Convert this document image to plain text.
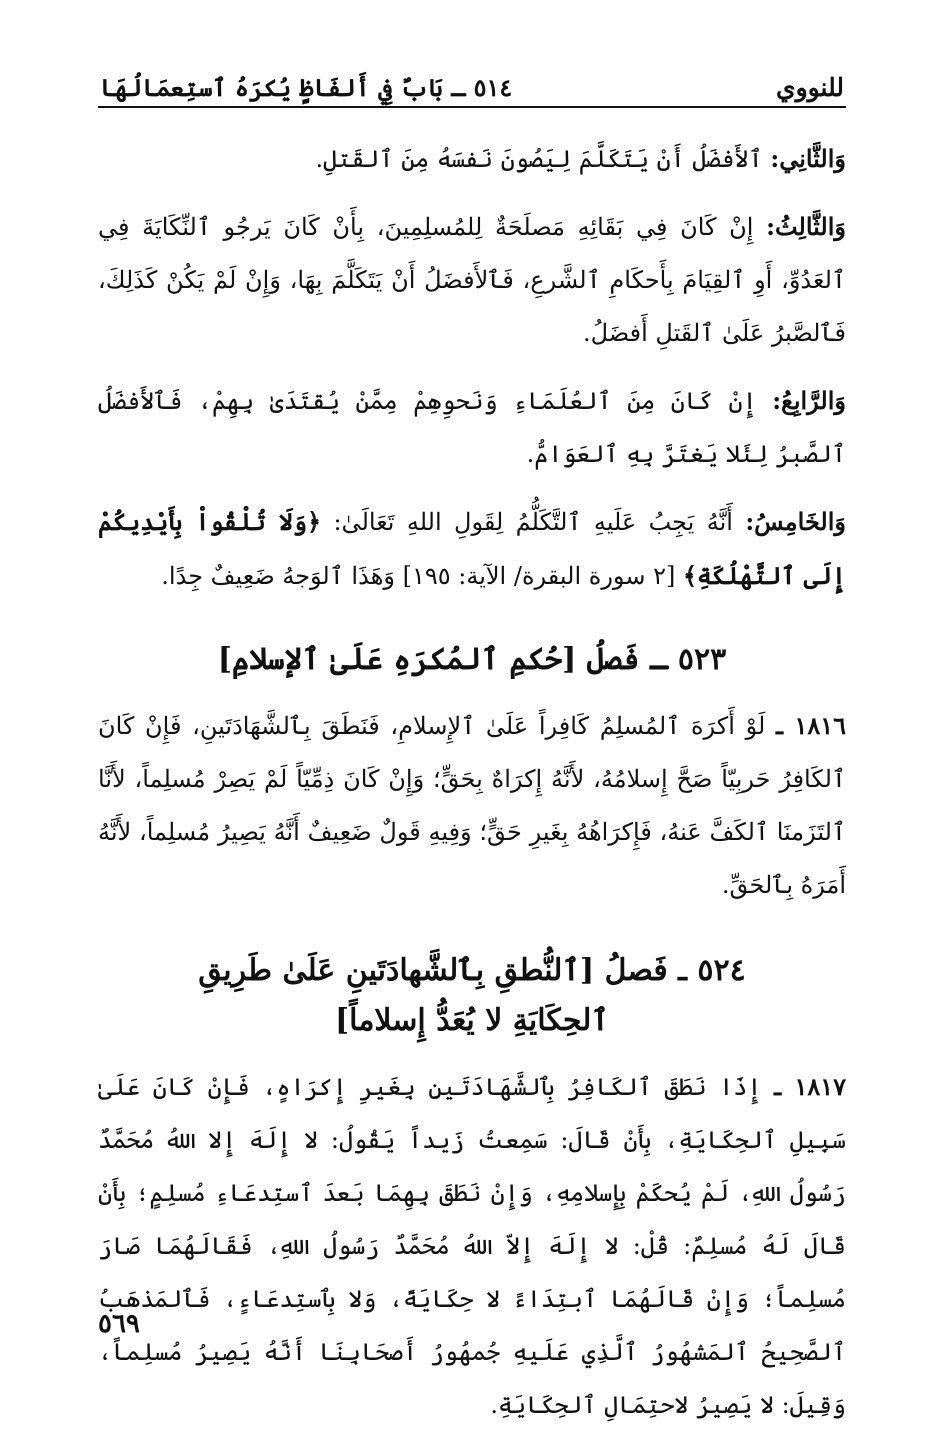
للنووي
٥١٤ ـ بَابٌ فِي أَلفَاظٍ يُكرَهُ ٱستِعمَالُهَا

وَالثَّانِي: ٱلأَفضَلُ أَنْ يَتَكَلَّمَ لِيَصُونَ نَفسَهُ مِنَ ٱلقَتلِ.

وَالثَّالِثُ: إِنْ كَانَ فِي بَقَائِهِ مَصلَحَةٌ لِلمُسلِمِينَ، بِأَنْ كَانَ يَرجُو ٱلنِّكَايَةَ فِي ٱلعَدُوِّ، أَوِ ٱلقِيَامَ بِأَحكَامِ ٱلشَّرعِ، فَٱلأَفضَلُ أَنْ يَتَكَلَّمَ بِهَا، وَإِنْ لَمْ يَكُنْ كَذَلِكَ، فَٱلصَّبرُ عَلَىٰ ٱلقَتلِ أَفضَلُ.

وَالرَّابِعُ: إِنْ كَانَ مِنَ ٱلعُلَمَاءِ وَنَحوِهِمْ مِمَّنْ يُقتَدَىٰ بِهِمْ، فَٱلأَفضَلُ ٱلصَّبرُ لِئَلا يَغتَرَّ بِهِ ٱلعَوَامُّ.

وَالخَامِسُ: أَنَّهُ يَجِبُ عَلَيهِ ٱلتَّكَلُّمُ لِقَولِ اللهِ تَعَالَىٰ: ﴿وَلَا تُلْقُواْ بِأَيْدِيكُمْ إِلَى ٱلتَّهْلُكَةِ﴾ [٢ سورة البقرة/ الآية: ١٩٥] وَهَذَا ٱلوَجهُ ضَعِيفٌ جِدًا.

٥٢٣ ـ فَصلُ [حُكمِ ٱلمُكرَهِ عَلَىٰ ٱلإسلامِ]

١٨١٦ ـ لَوْ أَكرَهَ ٱلمُسلِمُ كَافِراً عَلَىٰ ٱلإِسلامِ، فَنَطَقَ بِٱلشَّهَادَتَينِ، فَإِنْ كَانَ ٱلكَافِرُ حَربِيّاً صَحَّ إِسلامُهُ، لأَنَّهُ إِكرَاهٌ بِحَقٍّ؛ وَإِنْ كَانَ ذِمِّيّاً لَمْ يَصِرْ مُسلِماً، لأَنَّا ٱلتَزَمنَا ٱلكَفَّ عَنهُ، فَإِكرَاهُهُ بِغَيرِ حَقٍّ؛ وَفِيهِ قَولٌ ضَعِيفٌ أَنَّهُ يَصِيرُ مُسلِماً، لأَنَّهُ أَمَرَهُ بِٱلحَقِّ.

٥٢٤ ـ فَصلُ [ٱلنُّطقِ بِٱلشَّهادَتَينِ عَلَىٰ طَرِيقِ
ٱلحِكَايَةِ لا يُعَدُّ إِسلاماً]

١٨١٧ ـ إِذَا نَطَقَ ٱلكَافِرُ بِٱلشَّهَادَتَينِ بِغَيرِ إِكرَاهٍ، فَإِنْ كَانَ عَلَىٰ سَبِيلِ ٱلحِكَايَةِ، بِأَنْ قَالَ: سَمِعتُ زَيداً يَقُولُ: لا إِلَهَ إِلا اللهُ مُحَمَّدٌ رَسُولُ اللهِ، لَمْ يُحكَمْ بِإِسلامِهِ، وَإِنْ نَطَقَ بِهِمَا بَعدَ ٱستِدعَاءِ مُسلِمٍ؛ بِأَنْ قَالَ لَهُ مُسلِمٌ: قُلْ: لا إِلَهَ إِلاّ اللهُ مُحَمَّدٌ رَسُولُ اللهِ، فَقَالَهُمَا صَارَ مُسلِماً؛ وَإِنْ قَالَهُمَا ٱبتِدَاءً لا حِكَايَةً، وَلا بِٱستِدعَاءٍ، فَٱلمَذهَبُ ٱلصَّحِيحُ ٱلمَشهُورُ ٱلَّذِي عَلَيهِ جُمهُورُ أَصحَابِنَا أَنَّهُ يَصِيرُ مُسلِماً، وَقِيلَ: لا يَصِيرُ لاحتِمَالِ ٱلحِكَايَةِ.

٥٦٩
